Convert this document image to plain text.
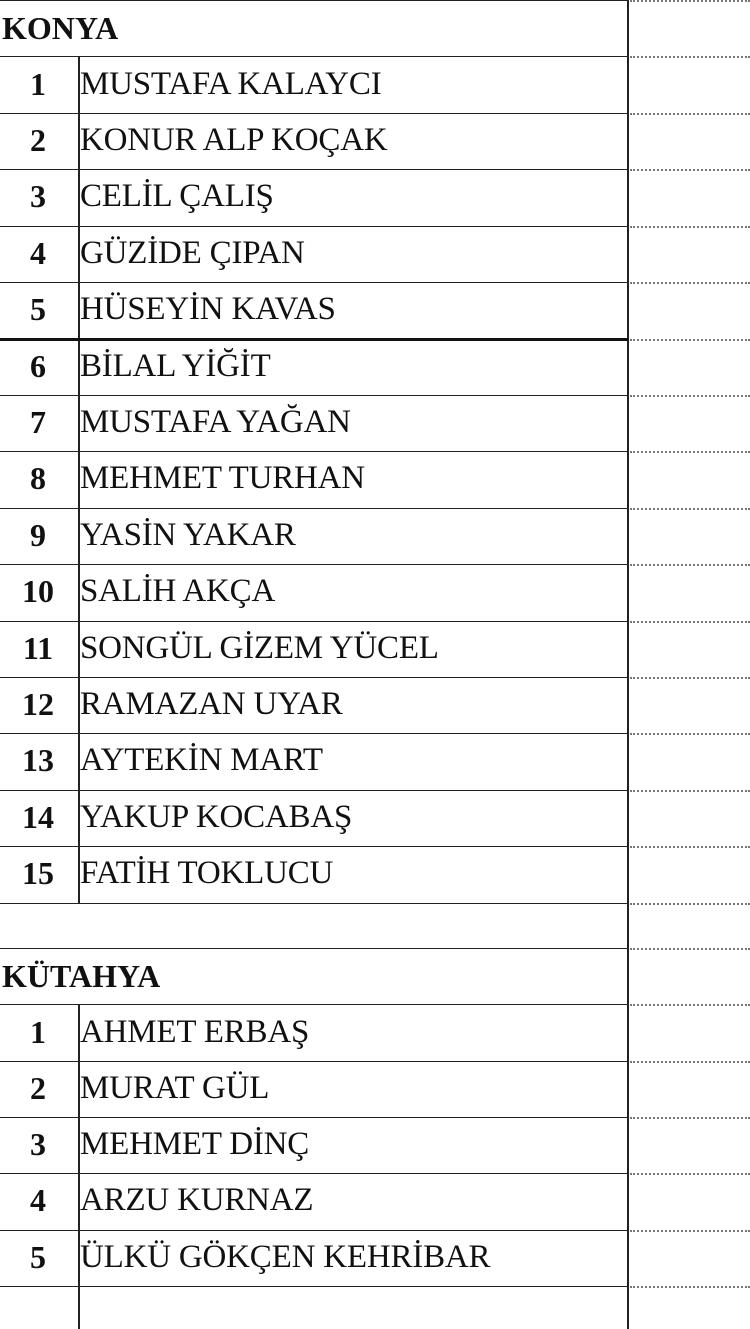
KONYA
1	MUSTAFA KALAYCI
2	KONUR ALP KOÇAK
3	CELİL ÇALIŞ
4	GÜZİDE ÇIPAN
5	HÜSEYİN KAVAS
6	BİLAL YİĞİT
7	MUSTAFA YAĞAN
8	MEHMET TURHAN
9	YASİN YAKAR
10 SALİH AKÇA
11 SONGÜL GİZEM YÜCEL
12 RAMAZAN UYAR
13 AYTEKİN MART
14 YAKUP KOCABAŞ
15 FATİH TOKLUCU
KÜTAHYA
1	AHMET ERBAŞ
2	MURAT GÜL
3	MEHMET DİNÇ
4	ARZU KURNAZ
5	ÜLKÜ GÖKÇEN KEHRİBAR
